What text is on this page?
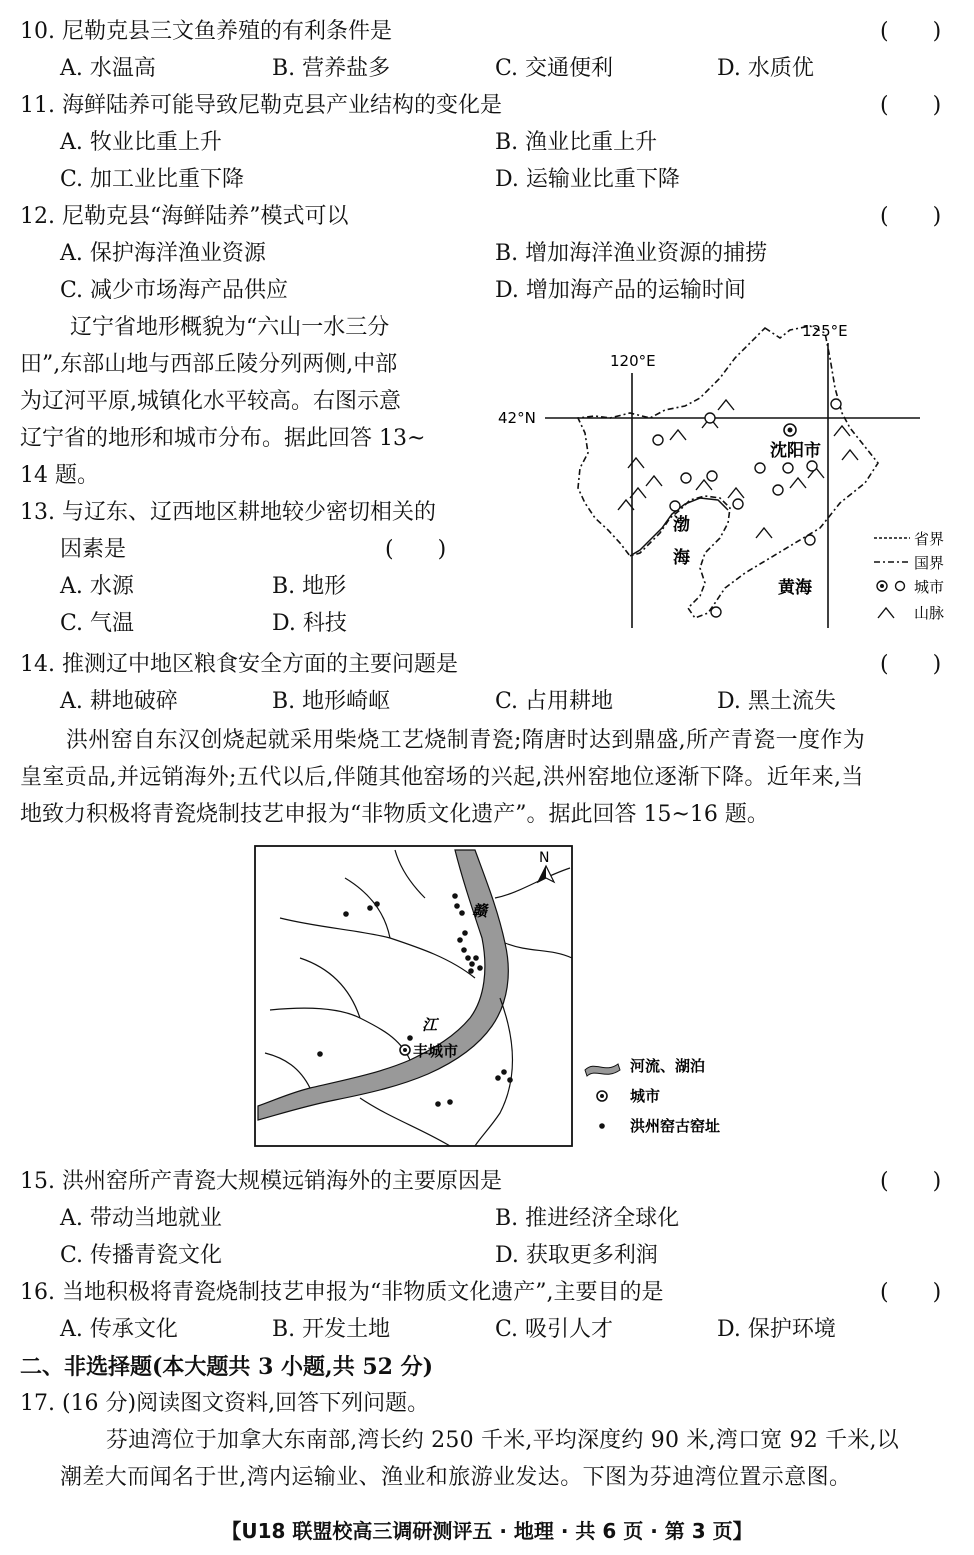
10. 尼勒克县三文鱼养殖的有利条件是	(　　)
A. 水温高	B. 营养盐多	C. 交通便利	D. 水质优
11. 海鲜陆养可能导致尼勒克县产业结构的变化是	(　　)
A. 牧业比重上升	B. 渔业比重上升
C. 加工业比重下降	D. 运输业比重下降
12. 尼勒克县“海鲜陆养”模式可以	(　　)
A. 保护海洋渔业资源	B. 增加海洋渔业资源的捕捞
C. 减少市场海产品供应	D. 增加海产品的运输时间
　辽宁省地形概貌为“六山一水三分
田”,东部山地与西部丘陵分列两侧,中部
为辽河平原,城镇化水平较高。右图示意
辽宁省的地形和城市分布。据此回答 13~
14 题。
13. 与辽东、辽西地区耕地较少密切相关的
因素是	(　　)
A. 水源	B. 地形
C. 气温	D. 科技
120°E
125°E
42°N
沈阳市
渤
海
黄海
省界
国界
城市
山脉
14. 推测辽中地区粮食安全方面的主要问题是	(　　)
A. 耕地破碎	B. 地形崎岖	C. 占用耕地	D. 黑土流失
洪州窑自东汉创烧起就采用柴烧工艺烧制青瓷;隋唐时达到鼎盛,所产青瓷一度作为
皇室贡品,并远销海外;五代以后,伴随其他窑场的兴起,洪州窑地位逐渐下降。近年来,当
地致力积极将青瓷烧制技艺申报为“非物质文化遗产”。据此回答 15~16 题。
丰城市
赣
江
N
河流、湖泊
城市
洪州窑古窑址
15. 洪州窑所产青瓷大规模远销海外的主要原因是	(　　)
A. 带动当地就业	B. 推进经济全球化
C. 传播青瓷文化	D. 获取更多利润
16. 当地积极将青瓷烧制技艺申报为“非物质文化遗产”,主要目的是	(　　)
A. 传承文化	B. 开发土地	C. 吸引人才	D. 保护环境
二、非选择题(本大题共 3 小题,共 52 分)
17. (16 分)阅读图文资料,回答下列问题。
芬迪湾位于加拿大东南部,湾长约 250 千米,平均深度约 90 米,湾口宽 92 千米,以
潮差大而闻名于世,湾内运输业、渔业和旅游业发达。下图为芬迪湾位置示意图。
【U18 联盟校高三调研测评五 · 地理 · 共 6 页 · 第 3 页】
